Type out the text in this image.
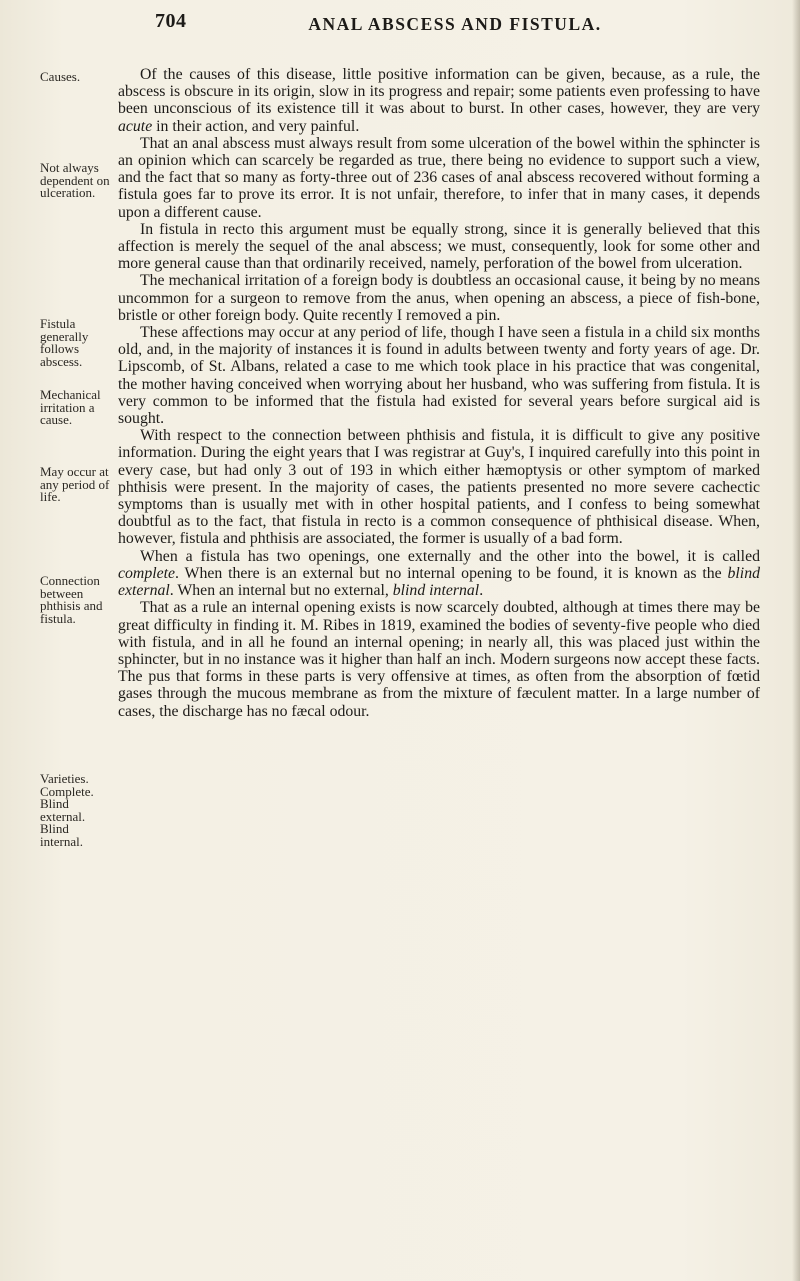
704	ANAL ABSCESS AND FISTULA.
Causes.
Not always dependent on ulceration.
Fistula generally follows abscess.
Mechanical irritation a cause.
May occur at any period of life.
Connection between phthisis and fistula.
Varieties. Complete. Blind external. Blind internal.

Of the causes of this disease, little positive information can be given, because, as a rule, the abscess is obscure in its origin, slow in its progress and repair; some patients even professing to have been unconscious of its existence till it was about to burst. In other cases, however, they are very acute in their action, and very painful.

That an anal abscess must always result from some ulceration of the bowel within the sphincter is an opinion which can scarcely be regarded as true, there being no evidence to support such a view, and the fact that so many as forty-three out of 236 cases of anal abscess recovered without forming a fistula goes far to prove its error. It is not unfair, therefore, to infer that in many cases, it depends upon a different cause.

In fistula in recto this argument must be equally strong, since it is generally believed that this affection is merely the sequel of the anal abscess; we must, consequently, look for some other and more general cause than that ordinarily received, namely, perforation of the bowel from ulceration.

The mechanical irritation of a foreign body is doubtless an occasional cause, it being by no means uncommon for a surgeon to remove from the anus, when opening an abscess, a piece of fish-bone, bristle or other foreign body. Quite recently I removed a pin.

These affections may occur at any period of life, though I have seen a fistula in a child six months old, and, in the majority of instances it is found in adults between twenty and forty years of age. Dr. Lipscomb, of St. Albans, related a case to me which took place in his practice that was congenital, the mother having conceived when worrying about her husband, who was suffering from fistula. It is very common to be informed that the fistula had existed for several years before surgical aid is sought.

With respect to the connection between phthisis and fistula, it is difficult to give any positive information. During the eight years that I was registrar at Guy's, I inquired carefully into this point in every case, but had only 3 out of 193 in which either hæmoptysis or other symptom of marked phthisis were present. In the majority of cases, the patients presented no more severe cachectic symptoms than is usually met with in other hospital patients, and I confess to being somewhat doubtful as to the fact, that fistula in recto is a common consequence of phthisical disease. When, however, fistula and phthisis are associated, the former is usually of a bad form.

When a fistula has two openings, one externally and the other into the bowel, it is called complete. When there is an external but no internal opening to be found, it is known as the blind external. When an internal but no external, blind internal.

That as a rule an internal opening exists is now scarcely doubted, although at times there may be great difficulty in finding it. M. Ribes in 1819, examined the bodies of seventy-five people who died with fistula, and in all he found an internal opening; in nearly all, this was placed just within the sphincter, but in no instance was it higher than half an inch. Modern surgeons now accept these facts. The pus that forms in these parts is very offensive at times, as often from the absorption of fœtid gases through the mucous membrane as from the mixture of fæculent matter. In a large number of cases, the discharge has no fæcal odour.
